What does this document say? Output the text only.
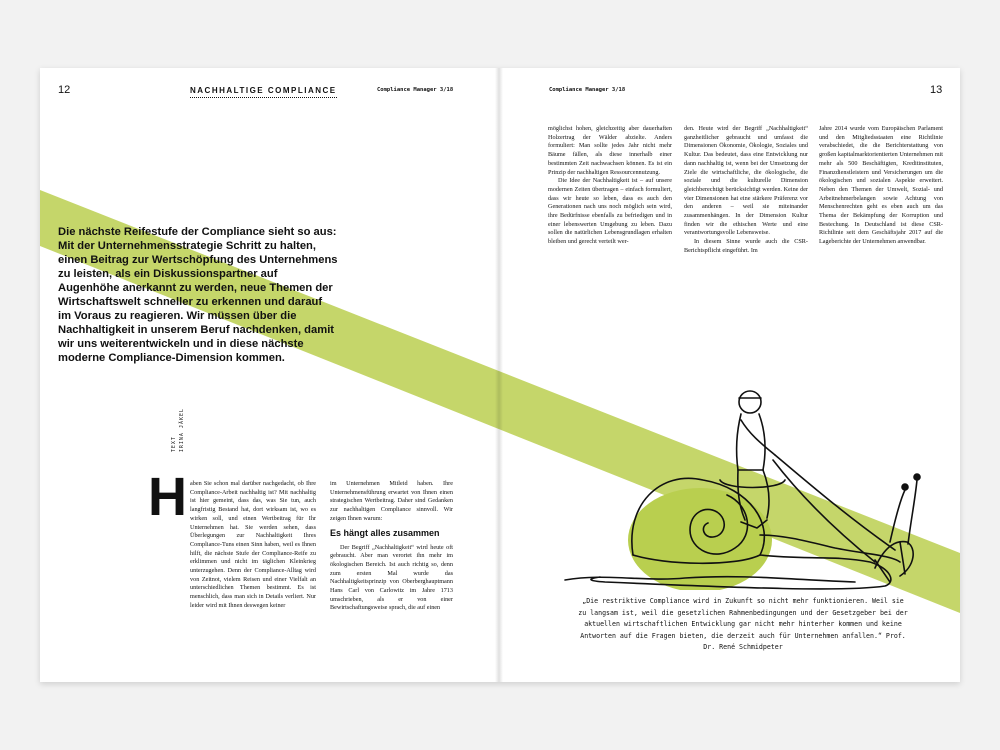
12	NACHHALTIGE COMPLIANCE	Compliance Manager 3/18
Die nächste Reifestufe der Compliance sieht so aus: Mit der Unternehmensstrategie Schritt zu halten, einen Beitrag zur Wertschöpfung des Unternehmens zu leisten, als ein Diskussionspartner auf Augenhöhe anerkannt zu werden, neue Themen der Wirtschaftswelt schneller zu erkennen und darauf im Voraus zu reagieren. Wir müssen über die Nachhaltigkeit in unserem Beruf nachdenken, damit wir uns weiterentwickeln und in diese nächste moderne Compliance-Dimension kommen.
TEXT IRINA JÄKEL
H aben Sie schon mal darüber nachgedacht, ob Ihre Compliance-Arbeit nachhaltig ist? Mit nachhaltig ist hier gemeint, dass das, was Sie tun, auch langfristig Bestand hat, dort wirksam ist, wo es wirken soll, und einen Wertbeitrag für Ihr Unternehmen hat. Sie werden sehen, dass Überlegungen zur Nachhaltigkeit Ihres Compliance-Tuns einen Sinn haben, weil es Ihnen hilft, die nächste Stufe der Compliance-Reife zu erklimmen und nicht im täglichen Kleinkrieg unterzugehen. Denn der Compliance-Alltag wird von Zeitnot, vielem Reisen und einer Vielfalt an unterschiedlichen Themen bestimmt. Es ist menschlich, dass man sich in Details verliert. Nur leider wird mit Ihnen deswegen keiner

im Unternehmen Mitleid haben. Ihre Unternehmensführung erwartet von Ihnen einen strategischen Wertbeitrag. Daher sind Gedanken zur nachhaltigen Compliance sinnvoll. Wir zeigen Ihnen warum:

Es hängt alles zusammen

Der Begriff „Nachhaltigkeit“ wird heute oft gebraucht. Aber man verortet ihn mehr im ökologischen Bereich. Ist auch richtig so, denn zum ersten Mal wurde das Nachhaltigkeitsprinzip von Oberberghauptmann Hans Carl von Carlowitz im Jahre 1713 umschrieben, als er von einer Bewirtschaftungsweise sprach, die auf einen

Compliance Manager 3/18	13

möglichst hohen, gleichzeitig aber dauerhaften Holzertrag der Wälder abzielte. Anders formuliert: Man sollte jedes Jahr nicht mehr Bäume fällen, als diese innerhalb einer bestimmten Zeit nachwachsen können. Es ist ein Prinzip der nachhaltigen Ressourcennutzung.

Die Idee der Nachhaltigkeit ist – auf unsere modernen Zeiten übertragen – einfach formuliert, dass wir heute so leben, dass es auch den Generationen nach uns noch möglich sein wird, ihre Bedürfnisse ebenfalls zu befriedigen und in einer lebenswerten Umgebung zu leben. Dazu sollen die natürlichen Lebensgrundlagen erhalten bleiben und gerecht verteilt wer-

den. Heute wird der Begriff „Nachhaltigkeit“ ganzheitlicher gebraucht und umfasst die Dimensionen Ökonomie, Ökologie, Soziales und Kultur. Das bedeutet, dass eine Entwicklung nur dann nachhaltig ist, wenn bei der Umsetzung der Ziele die wirtschaftliche, die ökologische, die soziale und die kulturelle Dimension gleichberechtigt berücksichtigt werden. Keine der vier Dimensionen hat eine stärkere Präferenz vor den anderen – weil sie miteinander zusammenhängen. In der Dimension Kultur finden wir die ethischen Werte und eine verantwortungsvolle Lebensweise.

In diesem Sinne wurde auch die CSR-Berichtspflicht eingeführt. Im

Jahre 2014 wurde vom Europäischen Parlament und den Mitgliedsstaaten eine Richtlinie verabschiedet, die die Berichterstattung von großen kapitalmarktorientierten Unternehmen mit mehr als 500 Beschäftigten, Kreditinstituten, Finanzdienstleistern und Versicherungen um die ökologischen und sozialen Aspekte erweitert. Neben den Themen der Umwelt, Sozial- und Arbeitnehmerbelangen sowie Achtung von Menschenrechten geht es eben auch um das Thema der Bekämpfung der Korruption und Bestechung. In Deutschland ist diese CSR-Richtlinie seit dem Geschäftsjahr 2017 auf die Lageberichte der Unternehmen anwendbar.

„Die restriktive Compliance wird in Zukunft so nicht mehr funktionieren. Weil sie zu langsam ist, weil die gesetzlichen Rahmenbedingungen und der Gesetzgeber bei der aktuellen wirtschaftlichen Entwicklung gar nicht mehr hinterher kommen und keine Antworten auf die Fragen bieten, die derzeit auch für Unternehmen anfallen.“ Prof. Dr. René Schmidpeter
